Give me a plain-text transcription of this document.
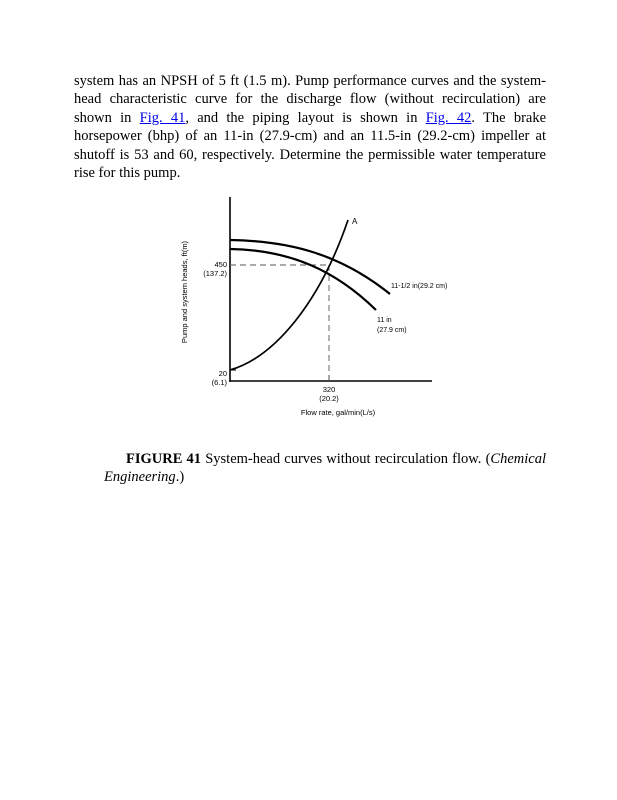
system has an NPSH of 5 ft (1.5 m). Pump performance curves and the system-head characteristic curve for the discharge flow (without recirculation) are shown in Fig. 41, and the piping layout is shown in Fig. 42. The brake horsepower (bhp) of an 11-in (27.9-cm) and an 11.5-in (29.2-cm) impeller at shutoff is 53 and 60, respectively. Determine the permissible water temperature rise for this pump.
A
11-1/2 in(29.2 cm)
11 in
(27.9 cm)
450
(137.2)
20
(6.1)
320
(20.2)
Flow rate, gal/min(L/s)
Pump and system heads, ft(m)
FIGURE 41 System-head curves without recirculation flow. (Chemical Engineering.)
